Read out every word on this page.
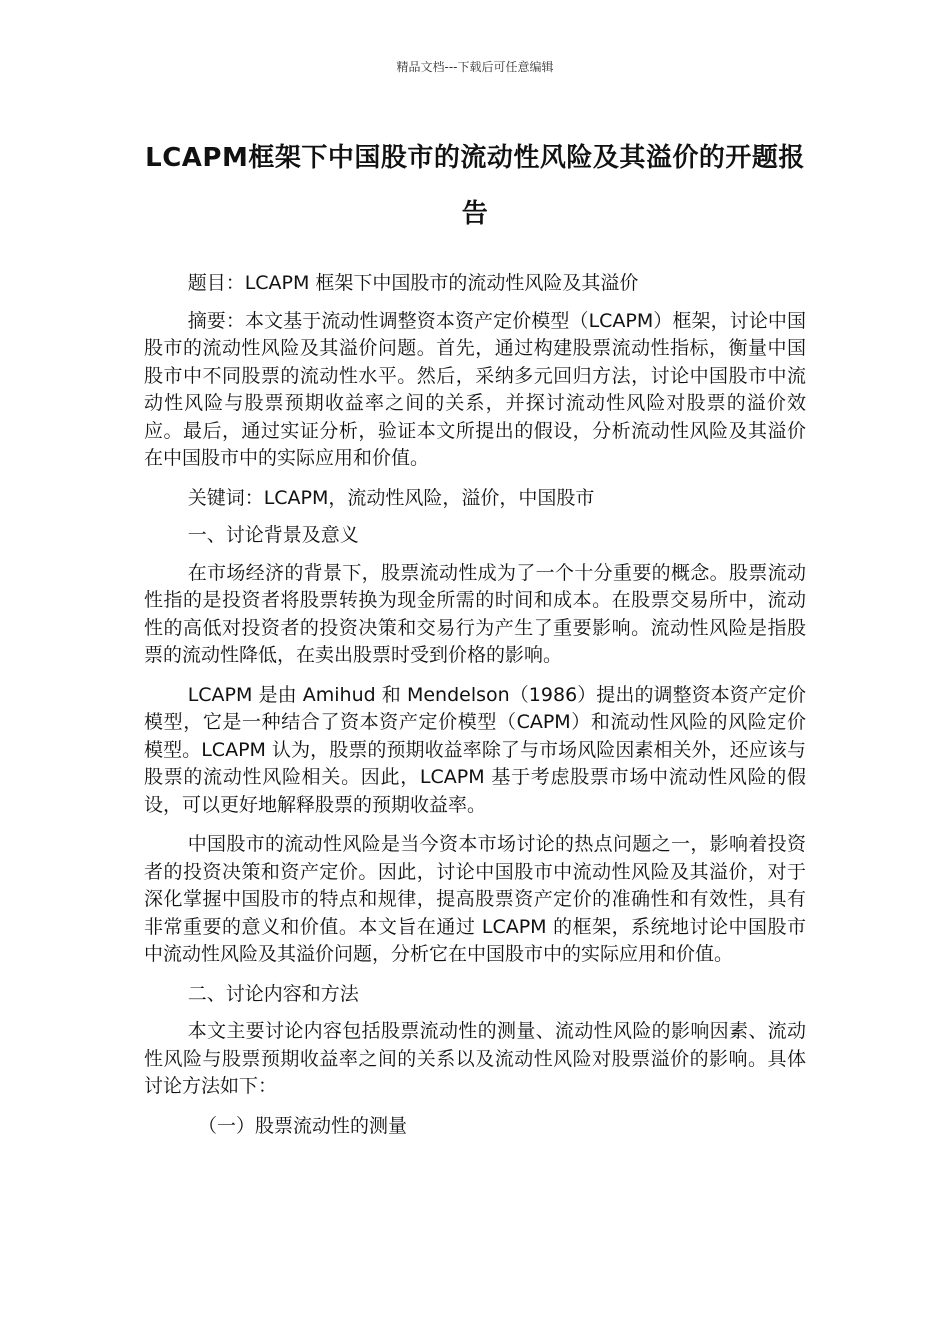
精品文档---下载后可任意编辑
LCAPM框架下中国股市的流动性风险及其溢价的开题报告

题目：LCAPM 框架下中国股市的流动性风险及其溢价

摘要：本文基于流动性调整资本资产定价模型（LCAPM）框架，讨论中国股市的流动性风险及其溢价问题。首先，通过构建股票流动性指标，衡量中国股市中不同股票的流动性水平。然后，采纳多元回归方法，讨论中国股市中流动性风险与股票预期收益率之间的关系，并探讨流动性风险对股票的溢价效应。最后，通过实证分析，验证本文所提出的假设，分析流动性风险及其溢价在中国股市中的实际应用和价值。

关键词：LCAPM，流动性风险，溢价，中国股市

一、讨论背景及意义

在市场经济的背景下，股票流动性成为了一个十分重要的概念。股票流动性指的是投资者将股票转换为现金所需的时间和成本。在股票交易所中，流动性的高低对投资者的投资决策和交易行为产生了重要影响。流动性风险是指股票的流动性降低，在卖出股票时受到价格的影响。

LCAPM 是由 Amihud 和 Mendelson（1986）提出的调整资本资产定价模型，它是一种结合了资本资产定价模型（CAPM）和流动性风险的风险定价模型。LCAPM 认为，股票的预期收益率除了与市场风险因素相关外，还应该与股票的流动性风险相关。因此，LCAPM 基于考虑股票市场中流动性风险的假设，可以更好地解释股票的预期收益率。

中国股市的流动性风险是当今资本市场讨论的热点问题之一，影响着投资者的投资决策和资产定价。因此，讨论中国股市中流动性风险及其溢价，对于深化掌握中国股市的特点和规律，提高股票资产定价的准确性和有效性，具有非常重要的意义和价值。本文旨在通过 LCAPM 的框架，系统地讨论中国股市中流动性风险及其溢价问题，分析它在中国股市中的实际应用和价值。

二、讨论内容和方法

本文主要讨论内容包括股票流动性的测量、流动性风险的影响因素、流动性风险与股票预期收益率之间的关系以及流动性风险对股票溢价的影响。具体讨论方法如下：

（一）股票流动性的测量
